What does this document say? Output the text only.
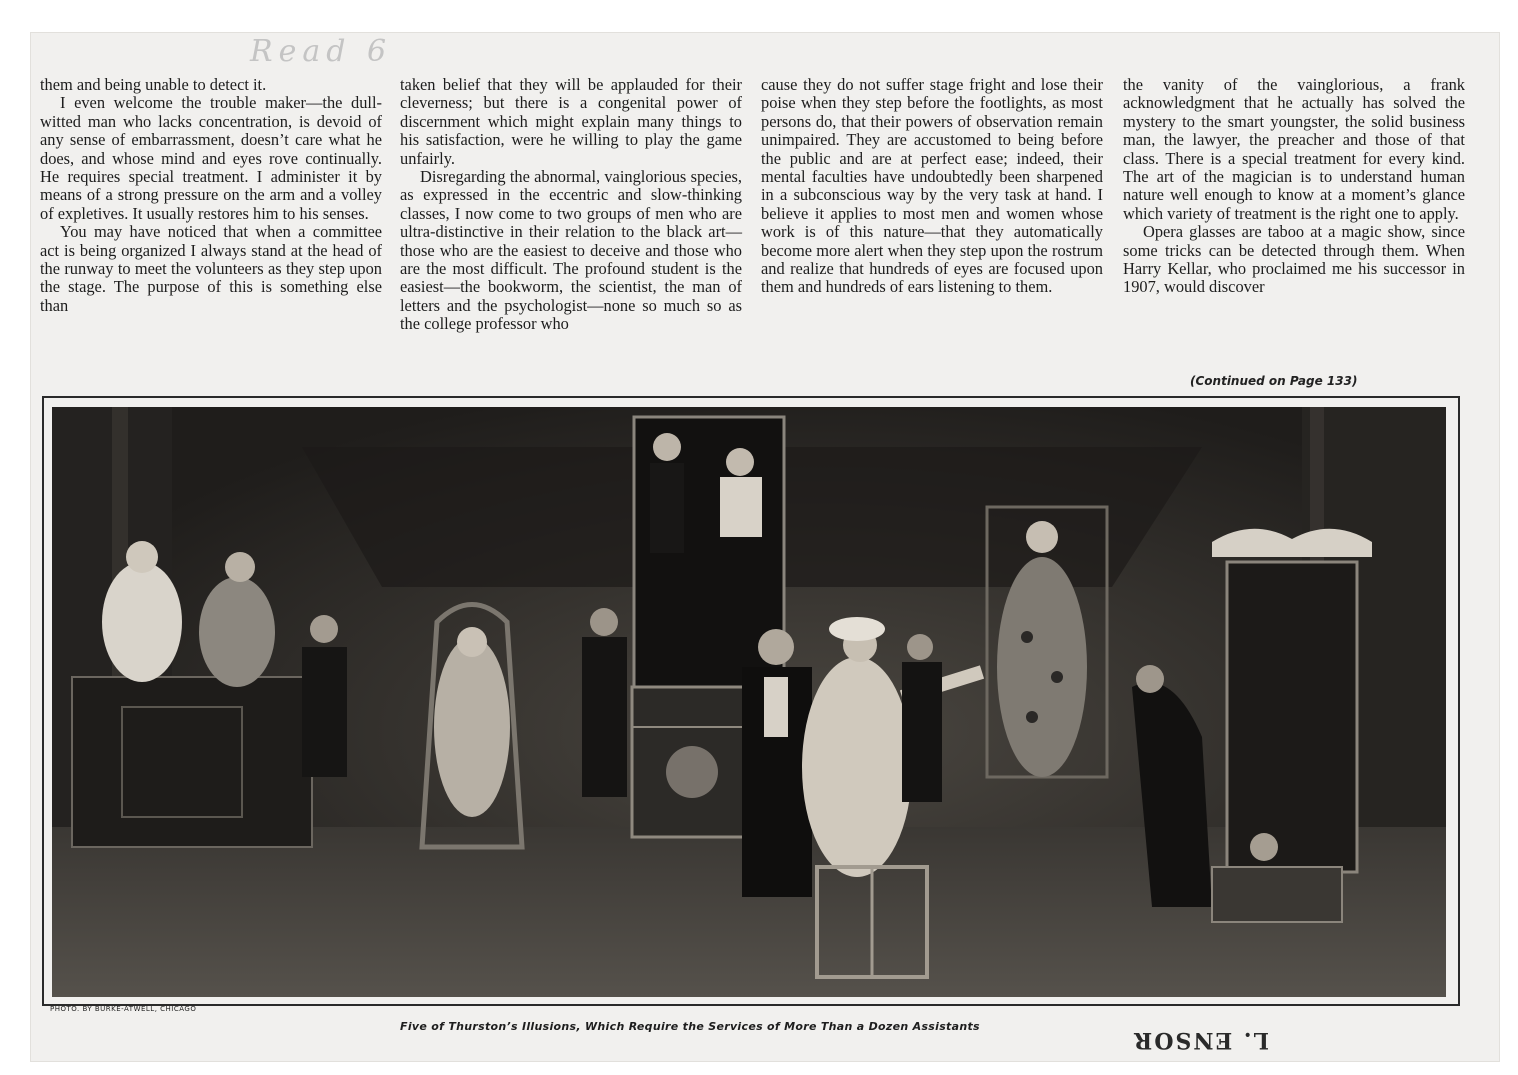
Read 6

them and being unable to detect it.

I even welcome the trouble maker—the dull-witted man who lacks concentration, is devoid of any sense of embarrassment, doesn’t care what he does, and whose mind and eyes rove continually. He requires special treatment. I administer it by means of a strong pressure on the arm and a volley of expletives. It usually restores him to his senses.

You may have noticed that when a committee act is being organized I always stand at the head of the runway to meet the volunteers as they step upon the stage. The purpose of this is something else than

taken belief that they will be applauded for their cleverness; but there is a congenital power of discernment which might explain many things to his satisfaction, were he willing to play the game unfairly.

Disregarding the abnormal, vainglorious species, as expressed in the eccentric and slow-thinking classes, I now come to two groups of men who are ultra-distinctive in their relation to the black art—those who are the easiest to deceive and those who are the most difficult. The profound student is the easiest—the bookworm, the scientist, the man of letters and the psychologist—none so much so as the college professor who

cause they do not suffer stage fright and lose their poise when they step before the footlights, as most persons do, that their powers of observation remain unimpaired. They are accustomed to being before the public and are at perfect ease; indeed, their mental faculties have undoubtedly been sharpened in a subconscious way by the very task at hand. I believe it applies to most men and women whose work is of this nature—that they automatically become more alert when they step upon the rostrum and realize that hundreds of eyes are focused upon them and hundreds of ears listening to them.

the vanity of the vainglorious, a frank acknowledgment that he actually has solved the mystery to the smart youngster, the solid business man, the lawyer, the preacher and those of that class. There is a special treatment for every kind. The art of the magician is to understand human nature well enough to know at a moment’s glance which variety of treatment is the right one to apply.

Opera glasses are taboo at a magic show, since some tricks can be detected through them. When Harry Kellar, who proclaimed me his successor in 1907, would discover

(Continued on Page 133)
PHOTO. BY BURKE-ATWELL, CHICAGO
Five of Thurston’s Illusions, Which Require the Services of More Than a Dozen Assistants
L. ENSOR
